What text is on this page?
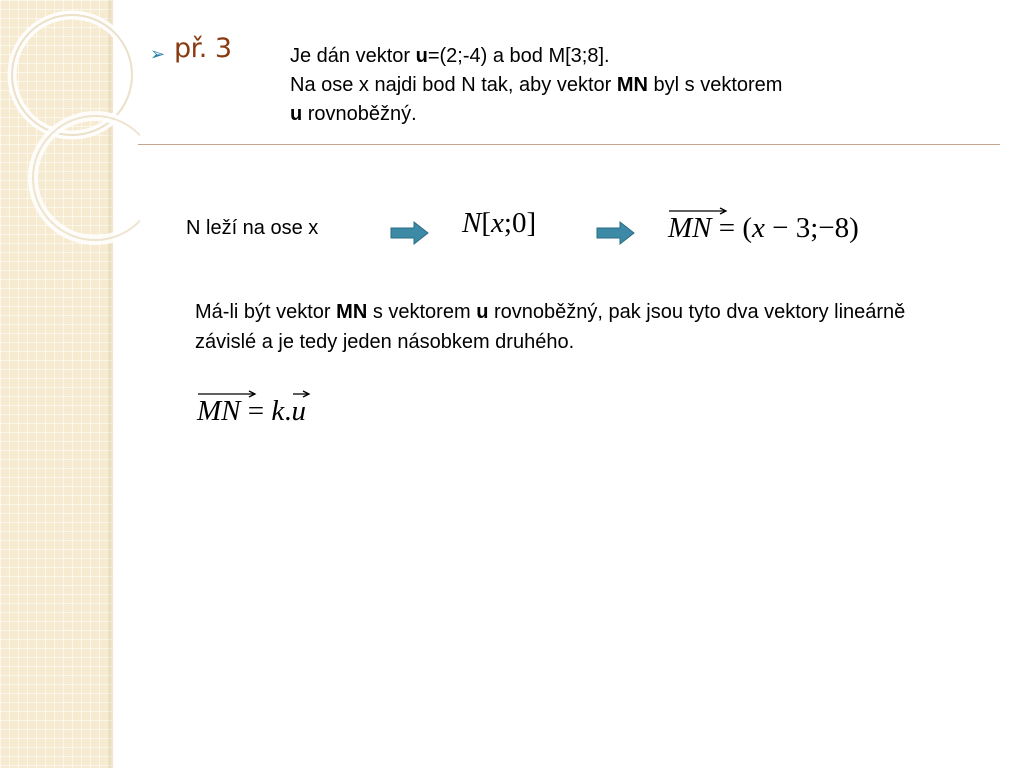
➢ př. 3	Je dán vektor u=(2;-4) a bod M[3;8].
Na ose x najdi bod N tak, aby vektor MN byl s vektorem
u rovnoběžný.
N leží na ose x	N[x;0]	MN = (x − 3;−8)
Má-li být vektor MN s vektorem u rovnoběžný, pak jsou tyto dva vektory lineárně závislé a je tedy jeden násobkem druhého.
MN = k.
u
